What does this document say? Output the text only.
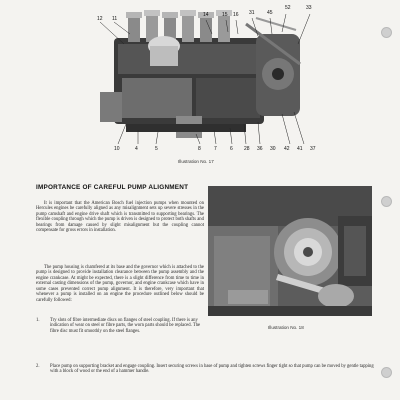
12 11
14	15 16 31 45
52	33
10	4	5	8	7	6 28 36 30 42 41 37
Illustration No. 17
IMPORTANCE OF CAREFUL PUMP ALIGNMENT
It is important that the American Bosch fuel injection pumps when mounted on Hercules engines be carefully aligned as any misalignment sets up severe stresses in the pump camshaft and engine drive shaft which is transmitted to supporting bearings. The flexible coupling through which the pump is driven is designed to protect both shafts and bearings from damage caused by slight misalignment but the coupling cannot compensate for gross errors in installation.
The pump housing is chamfered at its base and the governor which is attached to the pump is designed to provide installation clearance between the pump assembly and the engine crankcase. At might be expected, there is a slight difference from time to time in external casting dimensions of the pump, governor, and engine crankcase which have in some cases prevented correct pump alignment. It is therefore, very important that whenever a pump is installed on an engine the procedure outlined below should be carefully followed:
Illustration No. 18
1.	Try slots of fibre intermediate discs on flanges of steel coupling. If there is any indication of wear on steel or fibre parts, the worn parts should be replaced. The fibre disc must fit smoothly on the steel flanges.
2.	Place pump on supporting bracket and engage coupling. Insert securing screws in base of pump and tighten screws finger tight so that pump can be moved by gentle tapping with a block of wood or the end of a hammer handle.
